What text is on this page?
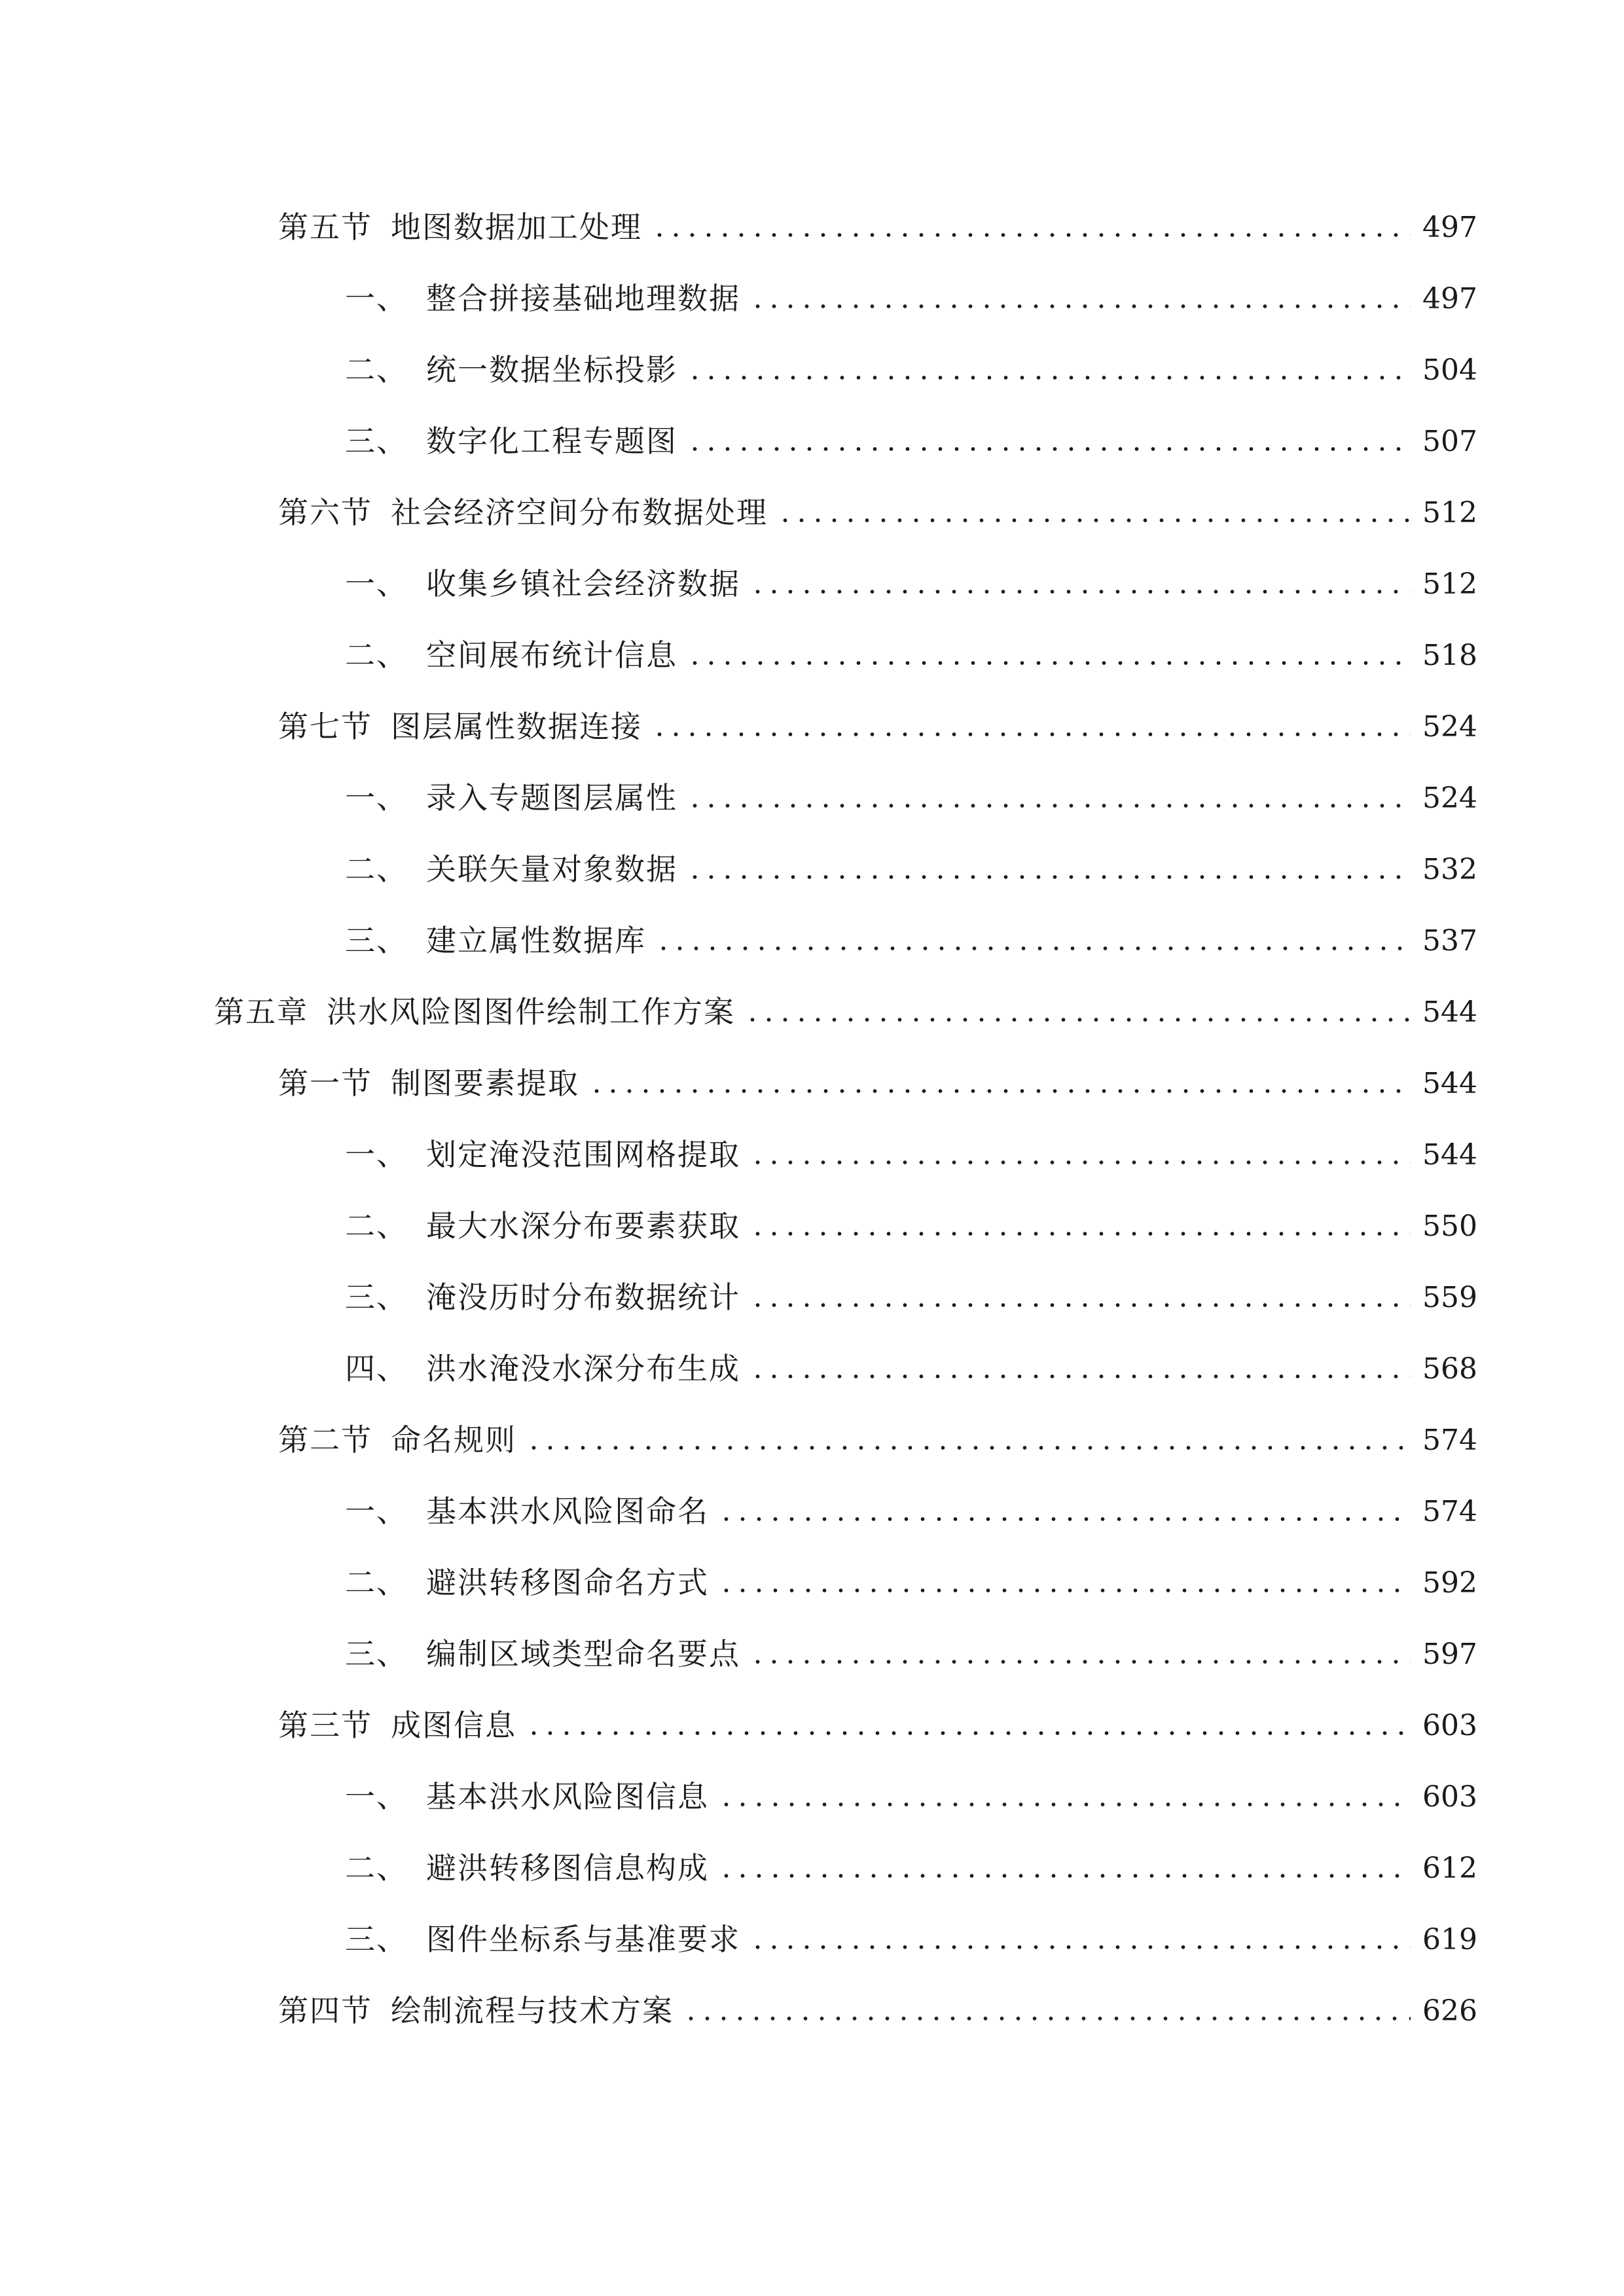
第五节 地图数据加工处理	497
一、 整合拼接基础地理数据	497
二、 统一数据坐标投影	504
三、 数字化工程专题图	507
第六节 社会经济空间分布数据处理	512
一、 收集乡镇社会经济数据	512
二、 空间展布统计信息	518
第七节 图层属性数据连接	524
一、 录入专题图层属性	524
二、 关联矢量对象数据	532
三、 建立属性数据库	537
第五章 洪水风险图图件绘制工作方案	544
第一节 制图要素提取	544
一、 划定淹没范围网格提取	544
二、 最大水深分布要素获取	550
三、 淹没历时分布数据统计	559
四、 洪水淹没水深分布生成	568
第二节 命名规则	574
一、 基本洪水风险图命名	574
二、 避洪转移图命名方式	592
三、 编制区域类型命名要点	597
第三节 成图信息	603
一、 基本洪水风险图信息	603
二、 避洪转移图信息构成	612
三、 图件坐标系与基准要求	619
第四节 绘制流程与技术方案	626
